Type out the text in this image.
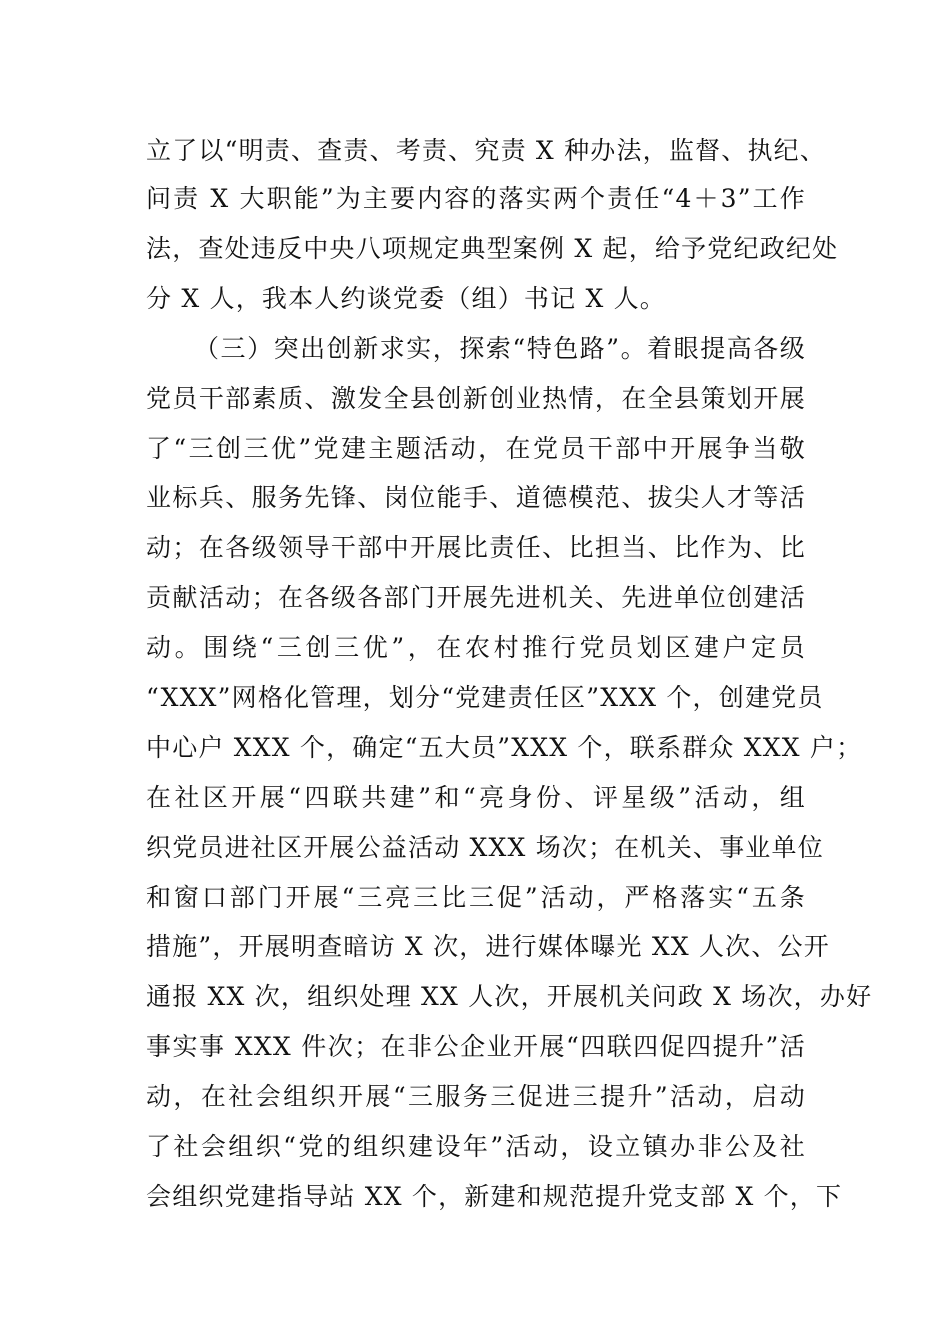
立了以“明责、查责、考责、究责 X 种办法，监督、执纪、
问责 X 大职能”为主要内容的落实两个责任“4＋3”工作
法，查处违反中央八项规定典型案例 X 起，给予党纪政纪处
分 X 人，我本人约谈党委（组）书记 X 人。
（三）突出创新求实，探索“特色路”。着眼提高各级
党员干部素质、激发全县创新创业热情，在全县策划开展
了“三创三优”党建主题活动，在党员干部中开展争当敬
业标兵、服务先锋、岗位能手、道德模范、拔尖人才等活
动；在各级领导干部中开展比责任、比担当、比作为、比
贡献活动；在各级各部门开展先进机关、先进单位创建活
动。围绕“三创三优”，在农村推行党员划区建户定员
“XXX”网格化管理，划分“党建责任区”XXX 个，创建党员
中心户 XXX 个，确定“五大员”XXX 个，联系群众 XXX 户；
在社区开展“四联共建”和“亮身份、评星级”活动，组
织党员进社区开展公益活动 XXX 场次；在机关、事业单位
和窗口部门开展“三亮三比三促”活动，严格落实“五条
措施”，开展明查暗访 X 次，进行媒体曝光 XX 人次、公开
通报 XX 次，组织处理 XX 人次，开展机关问政 X 场次，办好
事实事 XXX 件次；在非公企业开展“四联四促四提升”活
动，在社会组织开展“三服务三促进三提升”活动，启动
了社会组织“党的组织建设年”活动，设立镇办非公及社
会组织党建指导站 XX 个，新建和规范提升党支部 X 个，下
